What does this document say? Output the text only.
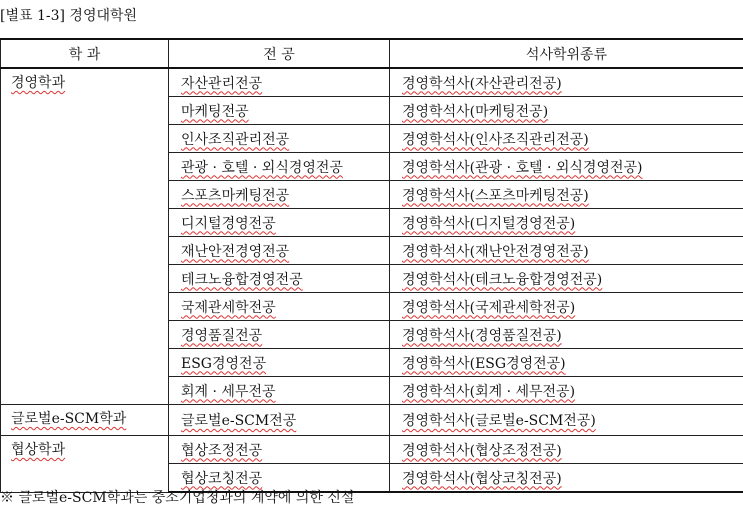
[별표 1-3] 경영대학원
학 과	전 공	석사학위종류
경영학과	자산관리전공	경영학석사(자산관리전공)
	마케팅전공	경영학석사(마케팅전공)
	인사조직관리전공	경영학석사(인사조직관리전공)
	관광 · 호텔 · 외식경영전공	경영학석사(관광 · 호텔 · 외식경영전공)
	스포츠마케팅전공	경영학석사(스포츠마케팅전공)
	디지털경영전공	경영학석사(디지털경영전공)
	재난안전경영전공	경영학석사(재난안전경영전공)
	테크노융합경영전공	경영학석사(테크노융합경영전공)
	국제관세학전공	경영학석사(국제관세학전공)
	경영품질전공	경영학석사(경영품질전공)
	ESG경영전공	경영학석사(ESG경영전공)
	회계 · 세무전공	경영학석사(회계 · 세무전공)
글로벌e-SCM학과	글로벌e-SCM전공	경영학석사(글로벌e-SCM전공)
협상학과	협상조정전공	경영학석사(협상조정전공)
	협상코칭전공	경영학석사(협상코칭전공)
※ 글로벌e-SCM학과는 중소기업청과의 계약에 의한 신설
